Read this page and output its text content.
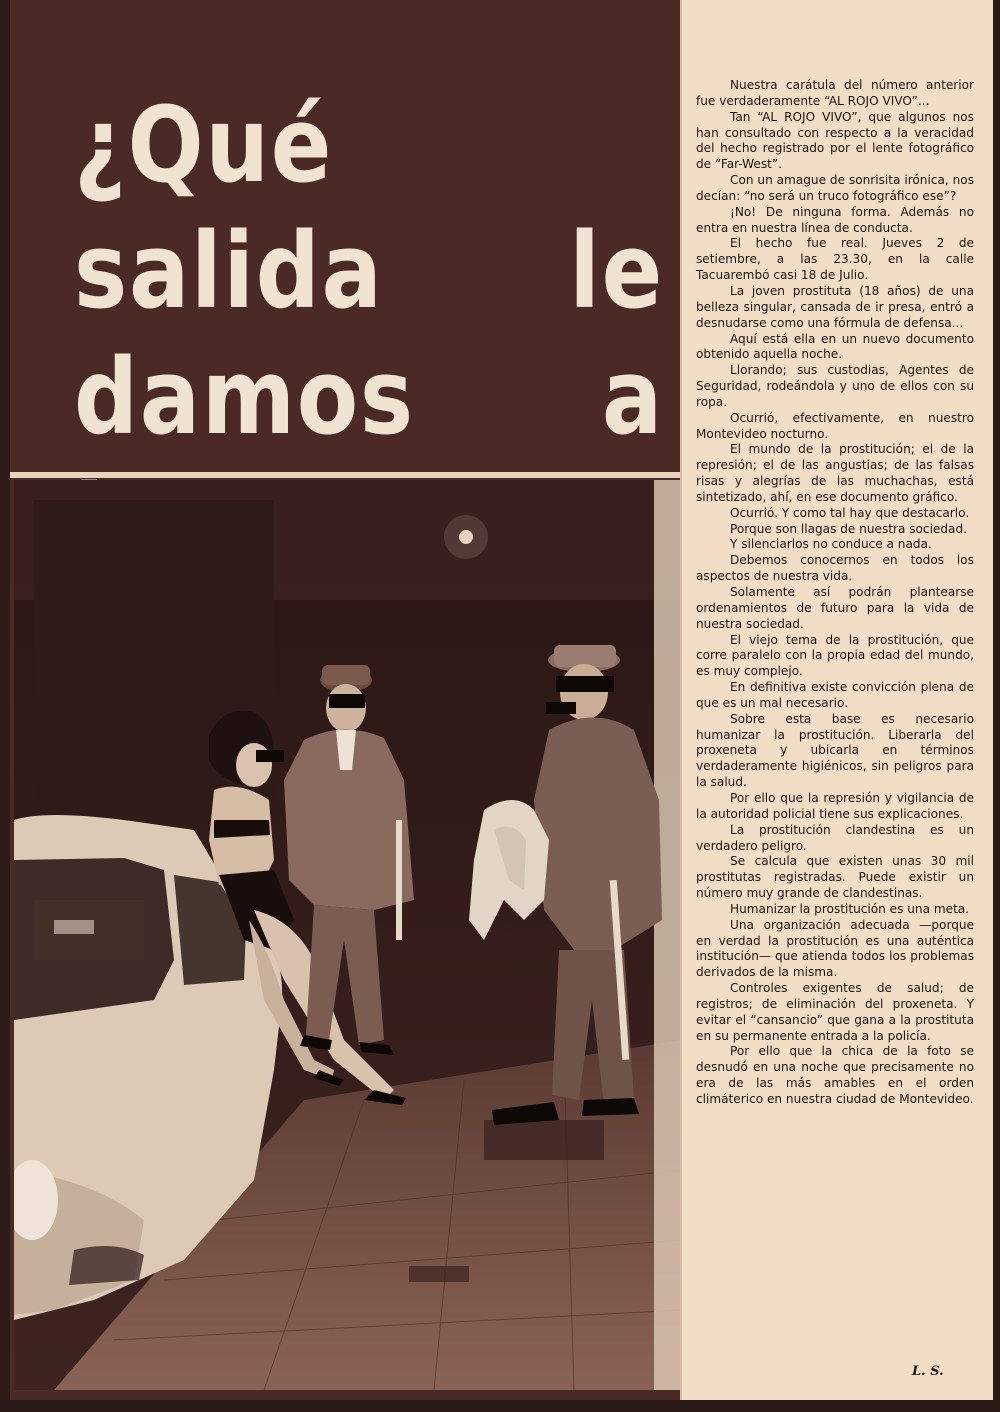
¿Qué salida le damos a

Nuestra carátula del número anterior fue verdaderamente “AL ROJO VIVO”...

Tan “AL ROJO VIVO”, que algunos nos han consultado con respecto a la veracidad del hecho registrado por el lente fotográfico de “Far-West”.

Con un amague de sonrisita irónica, nos decían: “no será un truco fotográfico ese”?

¡No! De ninguna forma. Además no entra en nuestra línea de conducta.

El hecho fue real. Jueves 2 de setiembre, a las 23.30, en la calle Tacuarembó casi 18 de Julio.

La joven prostituta (18 años) de una belleza singular, cansada de ir presa, entró a desnudarse como una fórmula de defensa...

Aquí está ella en un nuevo documento obtenido aquella noche.

Llorando; sus custodias, Agentes de Seguridad, rodeándola y uno de ellos con su ropa.

Ocurrió, efectivamente, en nuestro Montevideo nocturno.

El mundo de la prostitución; el de la represión; el de las angustias; de las falsas risas y alegrías de las muchachas, está sintetizado, ahí, en ese documento gráfico.

Ocurrió. Y como tal hay que destacarlo.

Porque son llagas de nuestra sociedad.

Y silenciarlos no conduce a nada.

Debemos conocernos en todos los aspectos de nuestra vida.

Solamente así podrán plantearse ordenamientos de futuro para la vida de nuestra sociedad.

El viejo tema de la prostitución, que corre paralelo con la propia edad del mundo, es muy complejo.

En definitiva existe convicción plena de que es un mal necesario.

Sobre esta base es necesario humanizar la prostitución. Liberarla del proxeneta y ubicarla en términos verdaderamente higiénicos, sin peligros para la salud.

Por ello que la represión y vigilancia de la autoridad policial tiene sus explicaciones.

La prostitución clandestina es un verdadero peligro.

Se calcula que existen unas 30 mil prostitutas registradas. Puede existir un número muy grande de clandestinas.

Humanizar la prostitución es una meta.

Una organización adecuada —porque en verdad la prostitución es una auténtica institución— que atienda todos los problemas derivados de la misma.

Controles exigentes de salud; de registros; de eliminación del proxeneta. Y evitar el “cansancio” que gana a la prostituta en su permanente entrada a la policía.

Por ello que la chica de la foto se desnudó en una noche que precisamente no era de las más amables en el orden climáterico en nuestra ciudad de Montevideo.

L. S.
